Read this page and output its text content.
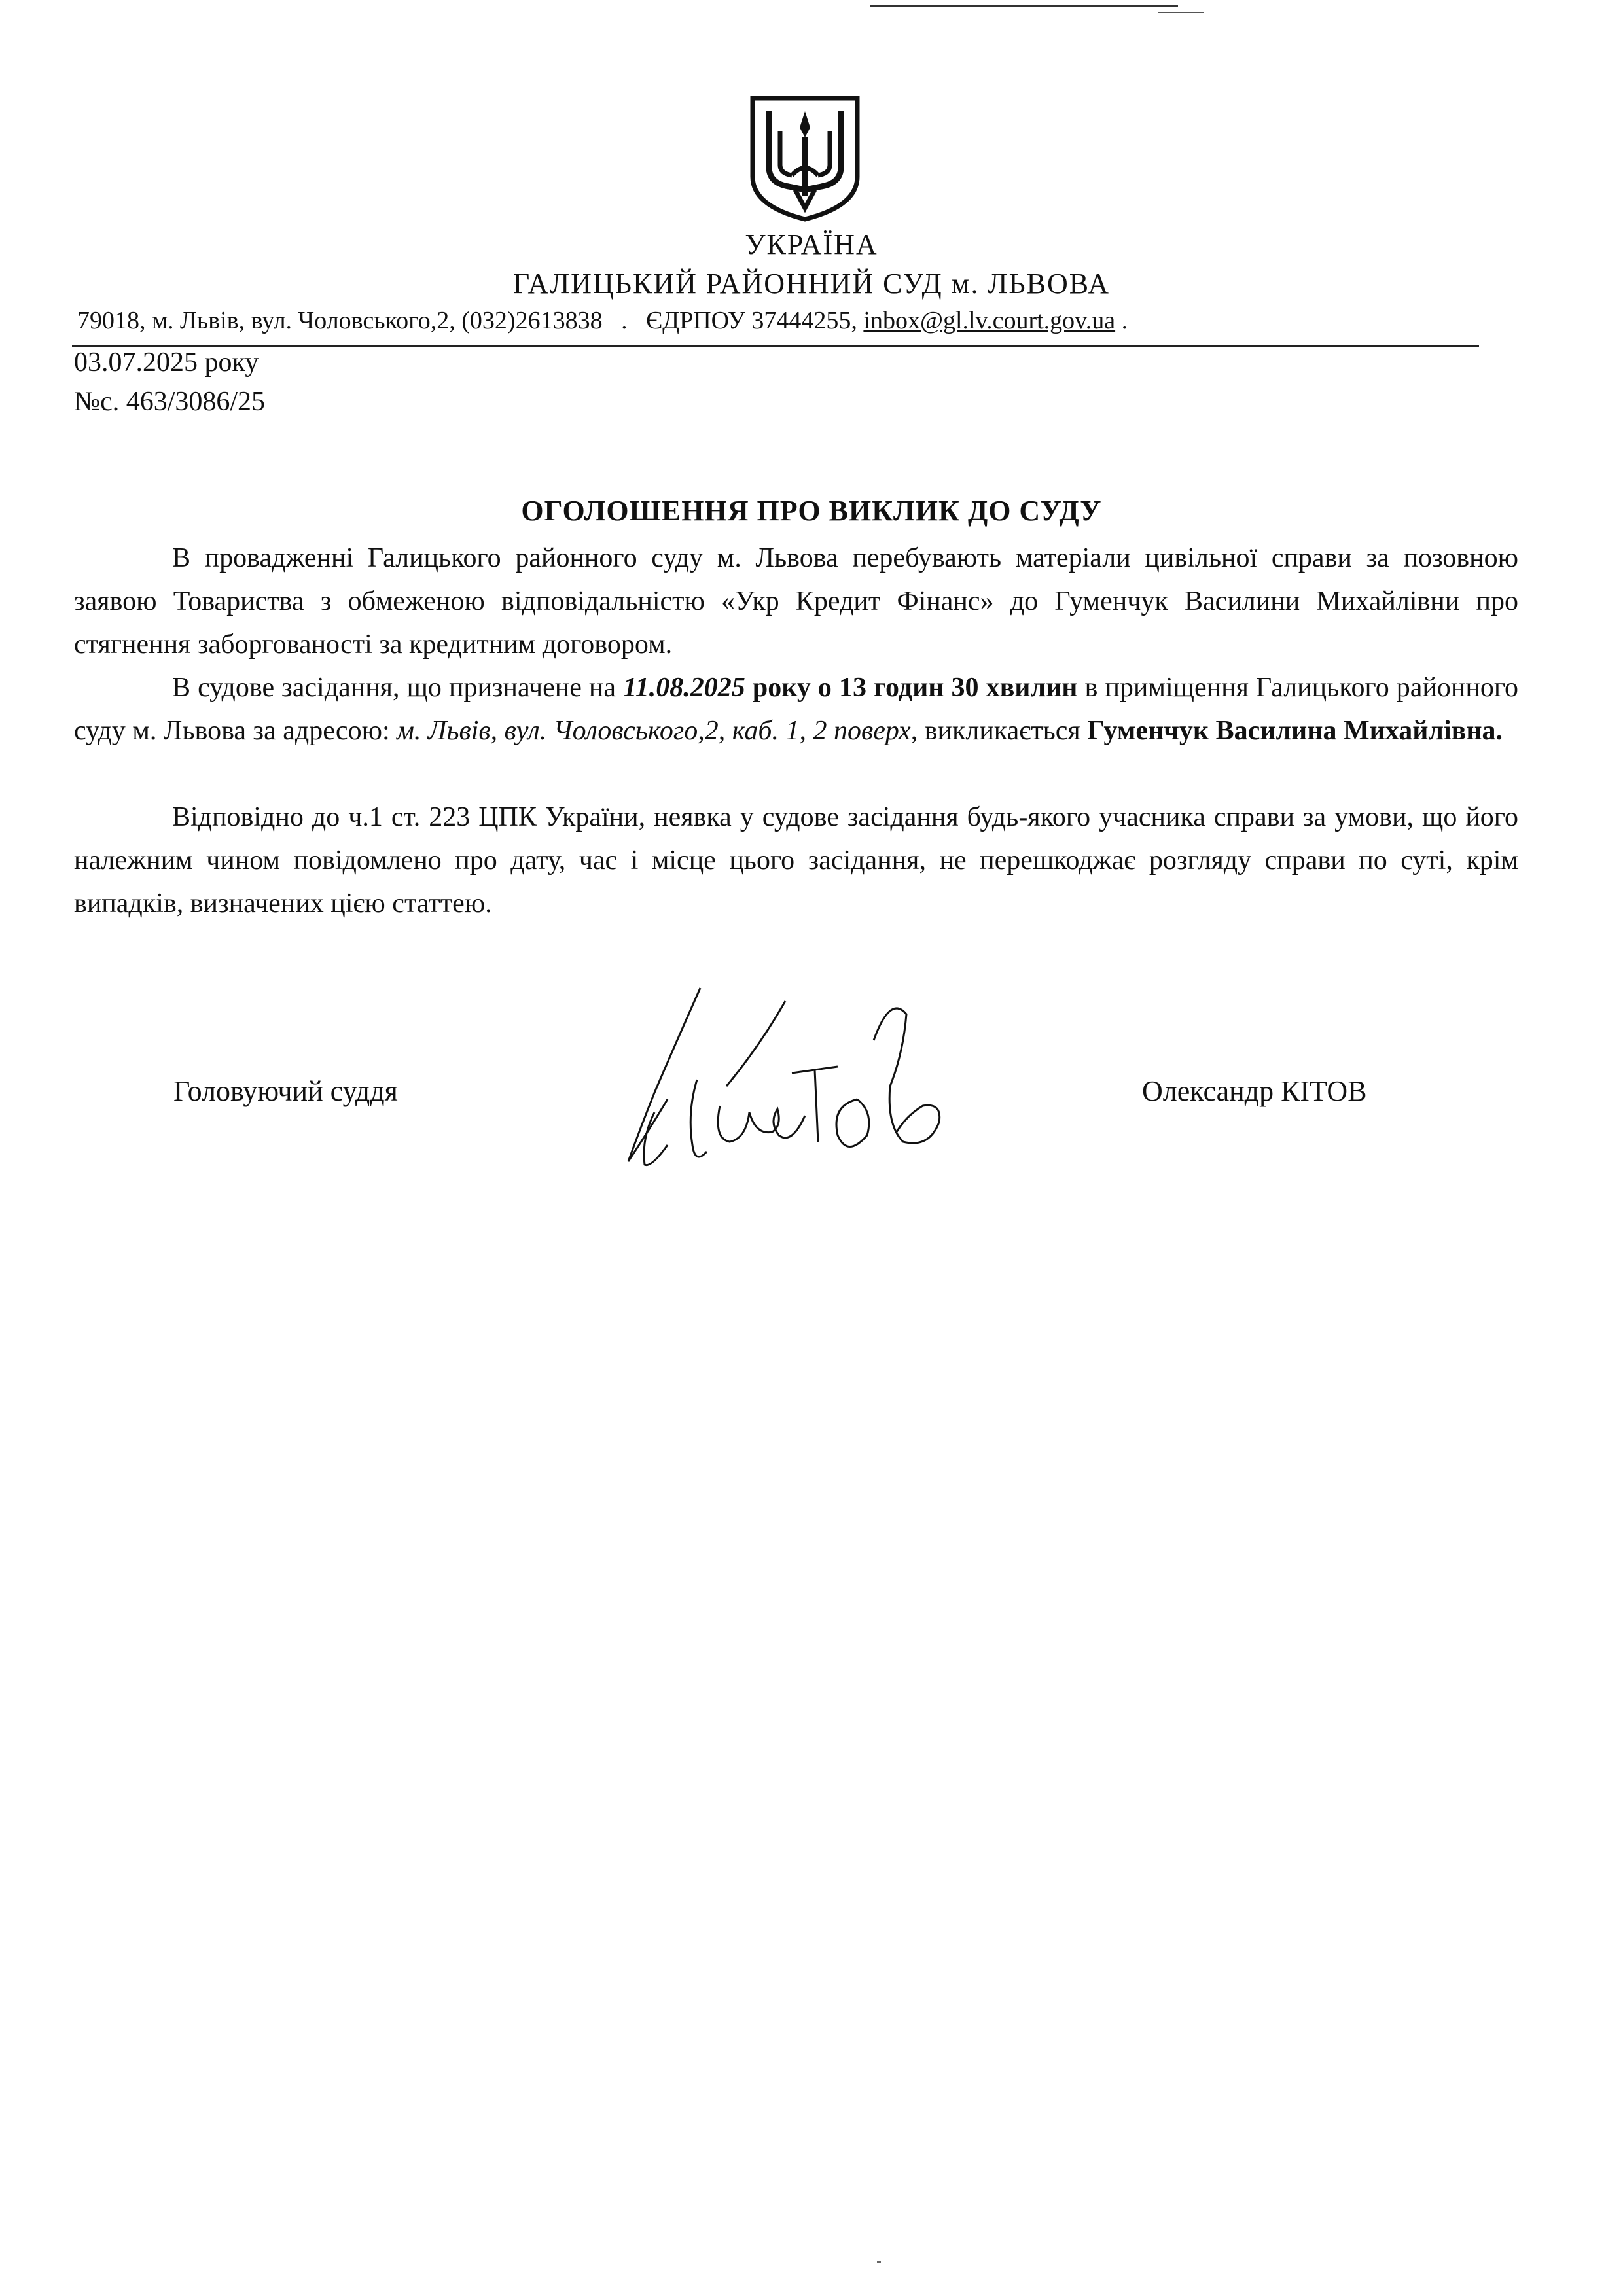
УКРАЇНА
ГАЛИЦЬКИЙ РАЙОННИЙ СУД м. ЛЬВОВА
79018, м. Львів, вул. Чоловського,2, (032)2613838   .   ЄДРПОУ 37444255, inbox@gl.lv.court.gov.ua .
03.07.2025 року
№с. 463/3086/25
ОГОЛОШЕННЯ ПРО ВИКЛИК ДО СУДУ

В провадженні Галицького районного суду м. Львова перебувають матеріали цивільної справи за позовною заявою Товариства з обмеженою відповідальністю «Укр Кредит Фінанс» до Гуменчук Василини Михайлівни про стягнення заборгованості за кредитним договором.

В судове засідання, що призначене на 11.08.2025 року о 13 годин 30 хвилин в приміщення Галицького районного суду м. Львова за адресою: м. Львів, вул. Чоловського,2, каб. 1, 2 поверх, викликається Гуменчук Василина Михайлівна.

Відповідно до ч.1 ст. 223 ЦПК України, неявка у судове засідання будь-якого учасника справи за умови, що його належним чином повідомлено про дату, час і місце цього засідання, не перешкоджає розгляду справи по суті, крім випадків, визначених цією статтею.

Головуючий суддя	Олександр КІТОВ
